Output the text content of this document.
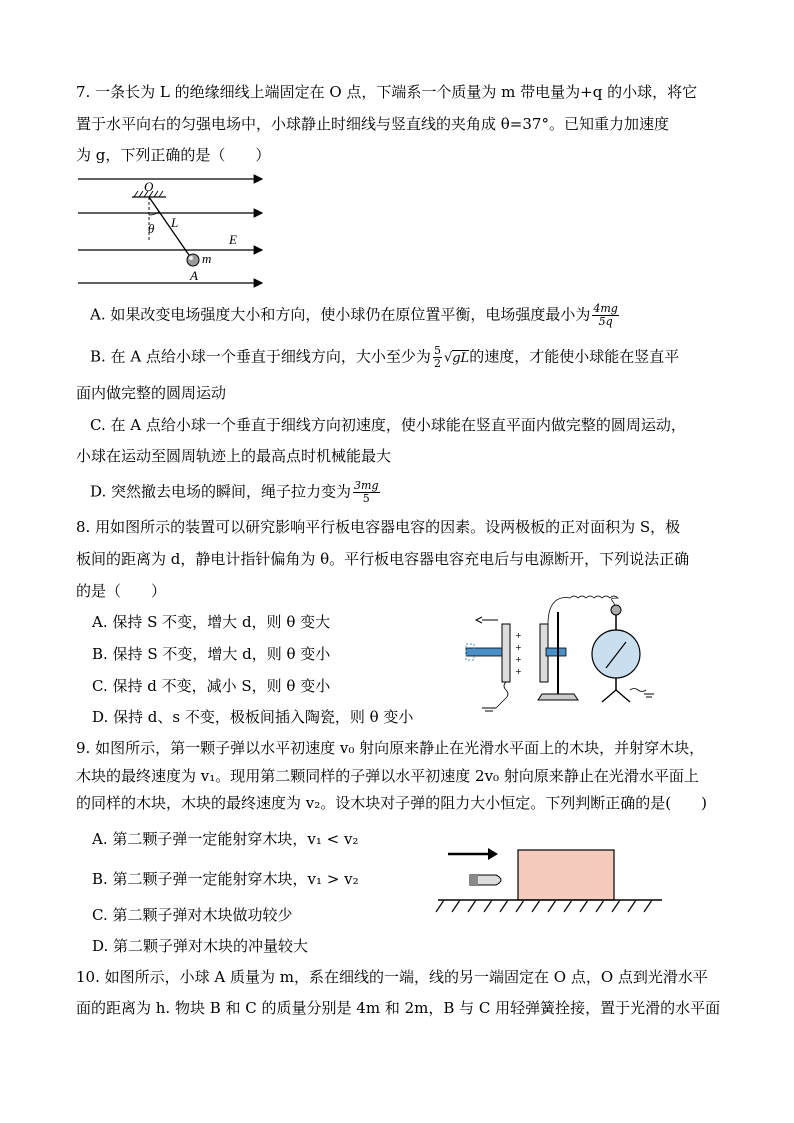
7. 一条长为 L 的绝缘细线上端固定在 O 点，下端系一个质量为 m 带电量为+q 的小球，将它
置于水平向右的匀强电场中，小球静止时细线与竖直线的夹角成 θ=37°。已知重力加速度
为 g，下列正确的是（　　）
O
L
θ
E
m
A
A. 如果改变电场强度大小和方向，使小球仍在原位置平衡，电场强度最小为 $\frac{4mg}{5q}$
B. 在 A 点给小球一个垂直于细线方向，大小至少为 $\frac{5}{2} √gL$的速度，才能使小球能在竖直平
面内做完整的圆周运动
C. 在 A 点给小球一个垂直于细线方向初速度，使小球能在竖直平面内做完整的圆周运动，
小球在运动至圆周轨迹上的最高点时机械能最大
D. 突然撤去电场的瞬间，绳子拉力变为 $\frac{3mg}{5}$
8. 用如图所示的装置可以研究影响平行板电容器电容的因素。设两极板的正对面积为 S，极
板间的距离为 d，静电计指针偏角为 θ。平行板电容器电容充电后与电源断开，下列说法正确
的是（　　）
A. 保持 S 不变，增大 d，则 θ 变大
B. 保持 S 不变，增大 d，则 θ 变小
C. 保持 d 不变，减小 S，则 θ 变小
D. 保持 d、s 不变，极板间插入陶瓷，则 θ 变小
+
+
+
+
9. 如图所示，第一颗子弹以水平初速度 v₀ 射向原来静止在光滑水平面上的木块，并射穿木块，
木块的最终速度为 v₁。现用第二颗同样的子弹以水平初速度 2v₀ 射向原来静止在光滑水平面上
的同样的木块，木块的最终速度为 v₂。设木块对子弹的阻力大小恒定。下列判断正确的是(　　)
A. 第二颗子弹一定能射穿木块，v₁ < v₂
B. 第二颗子弹一定能射穿木块，v₁ > v₂
C. 第二颗子弹对木块做功较少
D. 第二颗子弹对木块的冲量较大
10. 如图所示，小球 A 质量为 m，系在细线的一端，线的另一端固定在 O 点，O 点到光滑水平
面的距离为 h. 物块 B 和 C 的质量分别是 4m 和 2m，B 与 C 用轻弹簧拴接，置于光滑的水平面
